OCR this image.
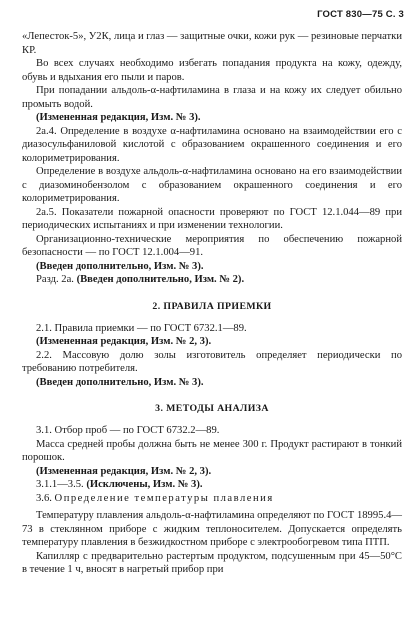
ГОСТ 830—75 С. 3

«Лепесток-5», У2К, лица и глаз — защитные очки, кожи рук — резиновые перчатки КР.

Во всех случаях необходимо избегать попадания продукта на кожу, одежду, обувь и вдыхания его пыли и паров.

При попадании альдоль-α-нафтиламина в глаза и на кожу их следует обильно промыть водой.

(Измененная редакция, Изм. № 3).

2а.4. Определение в воздухе α-нафтиламина основано на взаимодействии его с диазосульфаниловой кислотой с образованием окрашенного соединения и его колориметрирования.

Определение в воздухе альдоль-α-нафтиламина основано на его взаимодействии с диазоминобензолом с образованием окрашенного соединения и его колориметрирования.

2а.5. Показатели пожарной опасности проверяют по ГОСТ 12.1.044—89 при периодических испытаниях и при изменении технологии.

Организационно-технические мероприятия по обеспечению пожарной безопасности — по ГОСТ 12.1.004—91.

(Введен дополнительно, Изм. № 3).

Разд. 2а. (Введен дополнительно, Изм. № 2).

2. ПРАВИЛА ПРИЕМКИ

2.1. Правила приемки — по ГОСТ 6732.1—89.

(Измененная редакция, Изм. № 2, 3).

2.2. Массовую долю золы изготовитель определяет периодически по требованию потребителя.

(Введен дополнительно, Изм. № 3).

3. МЕТОДЫ АНАЛИЗА

3.1. Отбор проб — по ГОСТ 6732.2—89.

Масса средней пробы должна быть не менее 300 г. Продукт растирают в тонкий порошок.

(Измененная редакция, Изм. № 2, 3).

3.1.1—3.5. (Исключены, Изм. № 3).

3.6. Определение температуры плавления

Температуру плавления альдоль-α-нафтиламина определяют по ГОСТ 18995.4—73 в стеклянном приборе с жидким теплоносителем. Допускается определять температуру плавления в безжидкостном приборе с электрообогревом типа ПТП.

Капилляр с предварительно растертым продуктом, подсушенным при 45—50°С в течение 1 ч, вносят в нагретый прибор при
